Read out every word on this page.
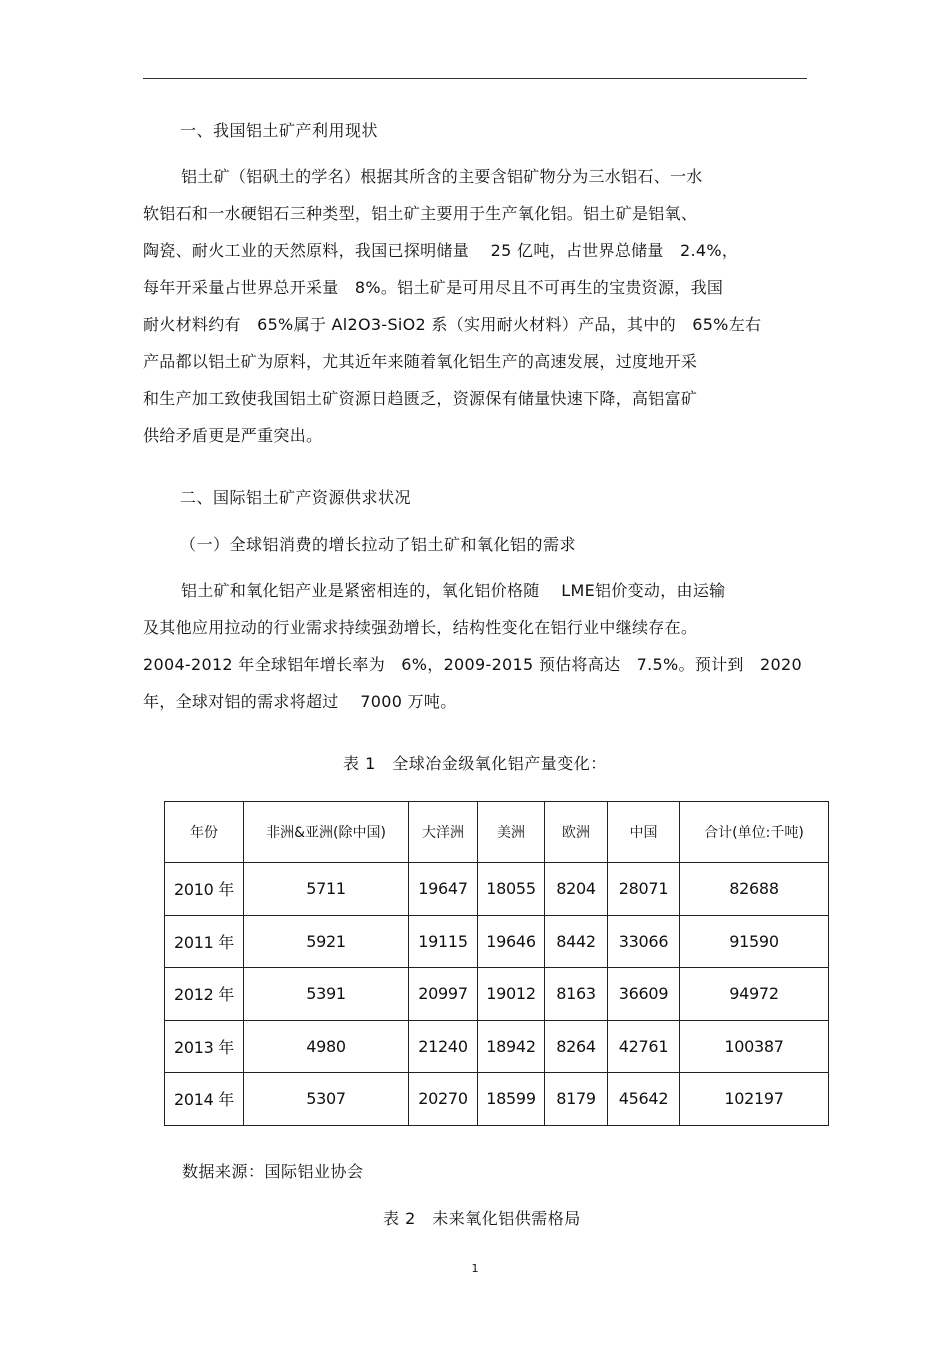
一、我国铝土矿产利用现状
铝土矿（铝矾土的学名）根据其所含的主要含铝矿物分为三水铝石、一水
软铝石和一水硬铝石三种类型，铝土矿主要用于生产氧化铝。铝土矿是铝氧、
陶瓷、耐火工业的天然原料，我国已探明储量　 25 亿吨，占世界总储量　2.4%，
每年开采量占世界总开采量　8%。铝土矿是可用尽且不可再生的宝贵资源，我国
耐火材料约有　65%属于 Al2O3-SiO2 系（实用耐火材料）产品，其中的　65%左右
产品都以铝土矿为原料，尤其近年来随着氧化铝生产的高速发展，过度地开采
和生产加工致使我国铝土矿资源日趋匮乏，资源保有储量快速下降，高铝富矿
供给矛盾更是严重突出。
二、国际铝土矿产资源供求状况
（一）全球铝消费的增长拉动了铝土矿和氧化铝的需求
铝土矿和氧化铝产业是紧密相连的，氧化铝价格随　 LME铝价变动，由运输
及其他应用拉动的行业需求持续强劲增长，结构性变化在铝行业中继续存在。
2004-2012 年全球铝年增长率为　6%，2009-2015 预估将高达　7.5%。预计到　2020
年，全球对铝的需求将超过　 7000 万吨。
表 1　全球冶金级氧化铝产量变化：
年份	非洲&亚洲(除中国)	大洋洲	美洲	欧洲	中国	合计(单位:千吨)
2010 年	5711	19647	18055	8204	28071	82688
2011 年	5921	19115	19646	8442	33066	91590
2012 年	5391	20997	19012	8163	36609	94972
2013 年	4980	21240	18942	8264	42761	100387
2014 年	5307	20270	18599	8179	45642	102197
数据来源：国际铝业协会
表 2　未来氧化铝供需格局
1
